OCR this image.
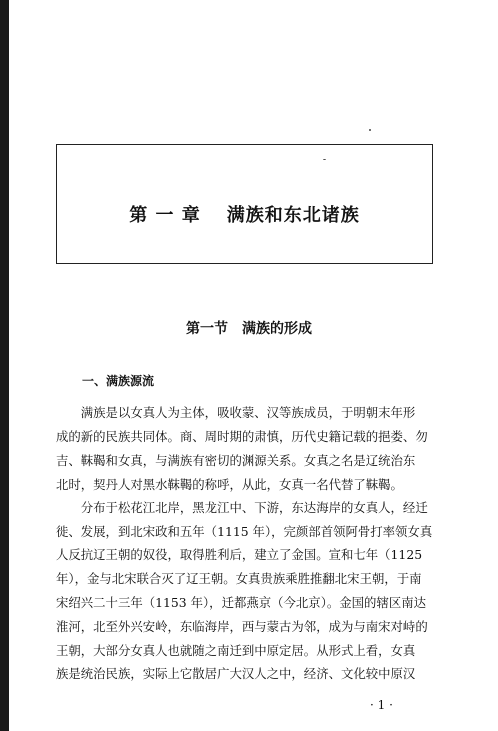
第 一 章 满族和东北诸族
第一节 满族的形成
一、满族源流
　　满族是以女真人为主体，吸收蒙、汉等族成员，于明朝末年形
成的新的民族共同体。商、周时期的肃慎，历代史籍记载的挹娄、勿
吉、靺鞨和女真，与满族有密切的渊源关系。女真之名是辽统治东
北时，契丹人对黑水靺鞨的称呼，从此，女真一名代替了靺鞨。
　　分布于松花江北岸，黑龙江中、下游，东达海岸的女真人，经迁
徙、发展，到北宋政和五年（1115 年），完颜部首领阿骨打率领女真
人反抗辽王朝的奴役，取得胜利后，建立了金国。宣和七年（1125
年），金与北宋联合灭了辽王朝。女真贵族乘胜推翻北宋王朝，于南
宋绍兴二十三年（1153 年），迁都燕京（今北京）。金国的辖区南达
淮河，北至外兴安岭，东临海岸，西与蒙古为邻，成为与南宋对峙的
王朝，大部分女真人也就随之南迁到中原定居。从形式上看，女真
族是统治民族，实际上它散居广大汉人之中，经济、文化较中原汉
· 1 ·
